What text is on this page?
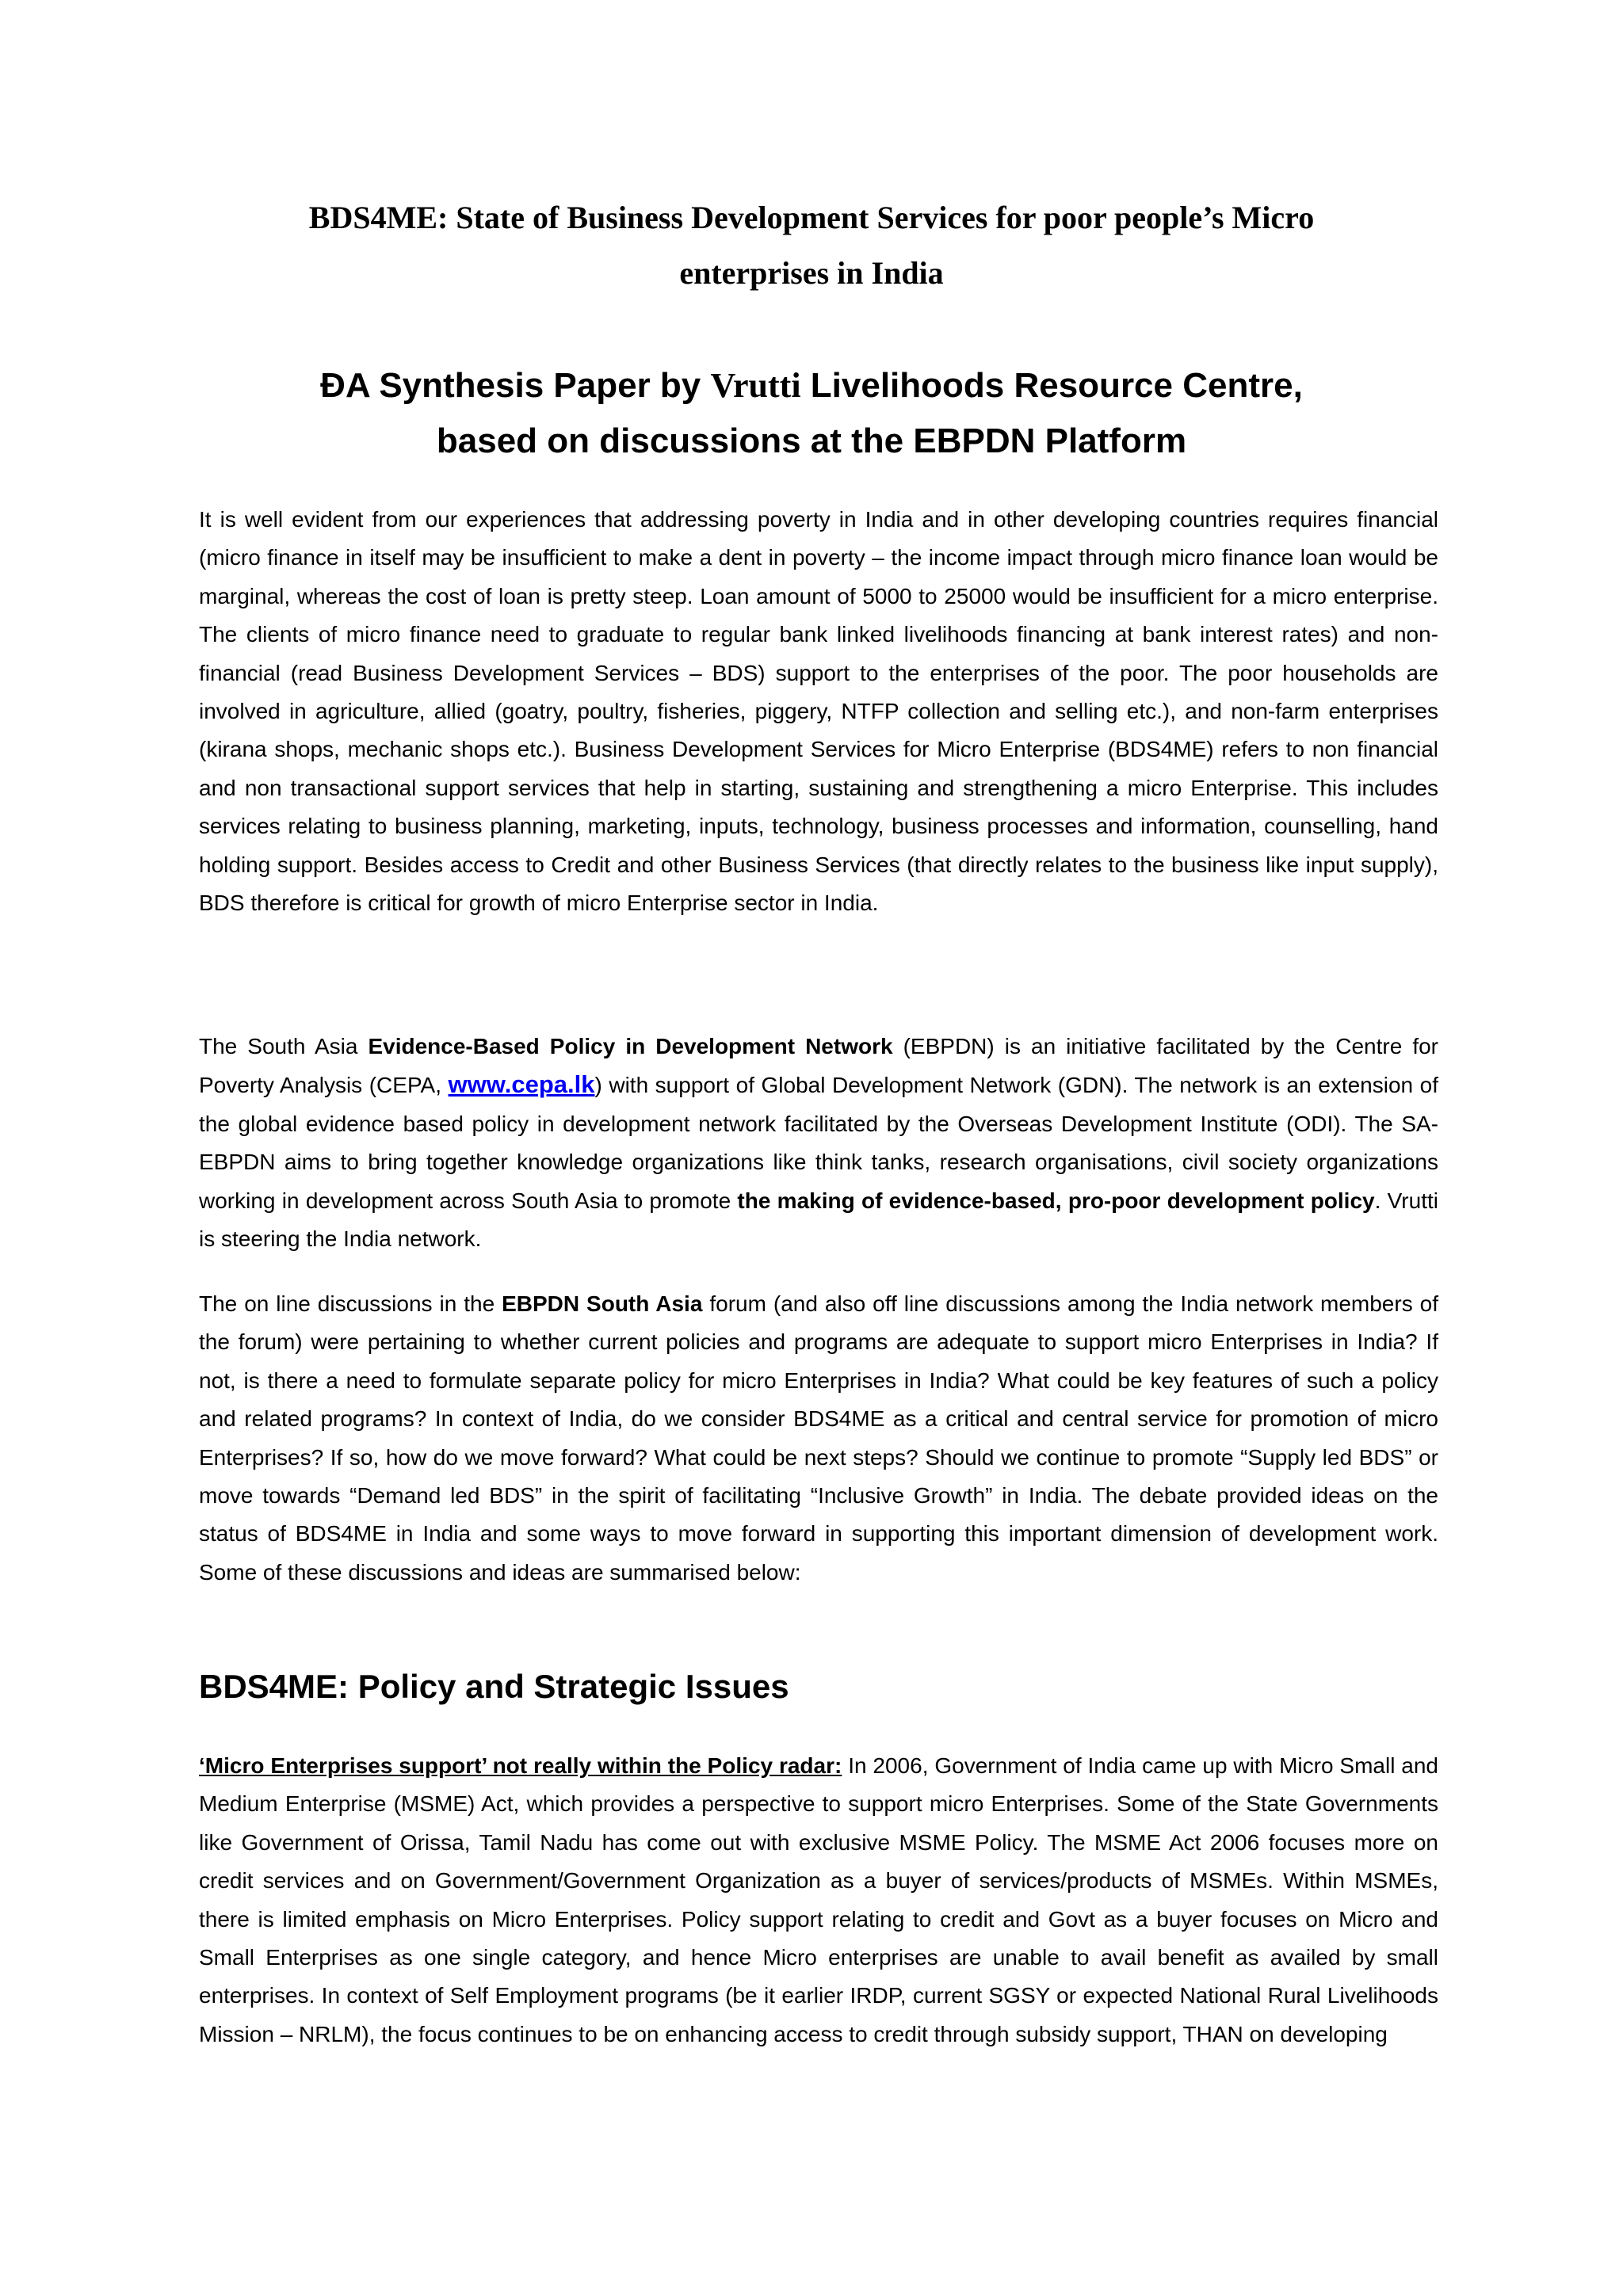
BDS4ME: State of Business Development Services for poor people’s Micro
enterprises in India
ĐA Synthesis Paper by Vrutti Livelihoods Resource Centre,
based on discussions at the EBPDN Platform

It is well evident from our experiences that addressing poverty in India and in other developing countries requires financial (micro finance in itself may be insufficient to make a dent in poverty – the income impact through micro finance loan would be marginal, whereas the cost of loan is pretty steep. Loan amount of 5000 to 25000 would be insufficient for a micro enterprise. The clients of micro finance need to graduate to regular bank linked livelihoods financing at bank interest rates) and non-financial (read Business Development Services – BDS) support to the enterprises of the poor. The poor households are involved in agriculture, allied (goatry, poultry, fisheries, piggery, NTFP collection and selling etc.), and non-farm enterprises (kirana shops, mechanic shops etc.). Business Development Services for Micro Enterprise (BDS4ME) refers to non financial and non transactional support services that help in starting, sustaining and strengthening a micro Enterprise. This includes services relating to business planning, marketing, inputs, technology, business processes and information, counselling, hand holding support. Besides access to Credit and other Business Services (that directly relates to the business like input supply), BDS therefore is critical for growth of micro Enterprise sector in India.

The South Asia Evidence-Based Policy in Development Network (EBPDN) is an initiative facilitated by the Centre for Poverty Analysis (CEPA, www.cepa.lk) with support of Global Development Network (GDN). The network is an extension of the global evidence based policy in development network facilitated by the Overseas Development Institute (ODI). The SA-EBPDN aims to bring together knowledge organizations like think tanks, research organisations, civil society organizations working in development across South Asia to promote the making of evidence-based, pro-poor development policy. Vrutti is steering the India network.

The on line discussions in the EBPDN South Asia forum (and also off line discussions among the India network members of the forum) were pertaining to whether current policies and programs are adequate to support micro Enterprises in India? If not, is there a need to formulate separate policy for micro Enterprises in India? What could be key features of such a policy and related programs? In context of India, do we consider BDS4ME as a critical and central service for promotion of micro Enterprises? If so, how do we move forward? What could be next steps? Should we continue to promote “Supply led BDS” or move towards “Demand led BDS” in the spirit of facilitating “Inclusive Growth” in India. The debate provided ideas on the status of BDS4ME in India and some ways to move forward in supporting this important dimension of development work. Some of these discussions and ideas are summarised below:

BDS4ME: Policy and Strategic Issues

‘Micro Enterprises support’ not really within the Policy radar: In 2006, Government of India came up with Micro Small and Medium Enterprise (MSME) Act, which provides a perspective to support micro Enterprises. Some of the State Governments like Government of Orissa, Tamil Nadu has come out with exclusive MSME Policy. The MSME Act 2006 focuses more on credit services and on Government/Government Organization as a buyer of services/products of MSMEs. Within MSMEs, there is limited emphasis on Micro Enterprises. Policy support relating to credit and Govt as a buyer focuses on Micro and Small Enterprises as one single category, and hence Micro enterprises are unable to avail benefit as availed by small enterprises. In context of Self Employment programs (be it earlier IRDP, current SGSY or expected National Rural Livelihoods Mission – NRLM), the focus continues to be on enhancing access to credit through subsidy support, THAN on developing
